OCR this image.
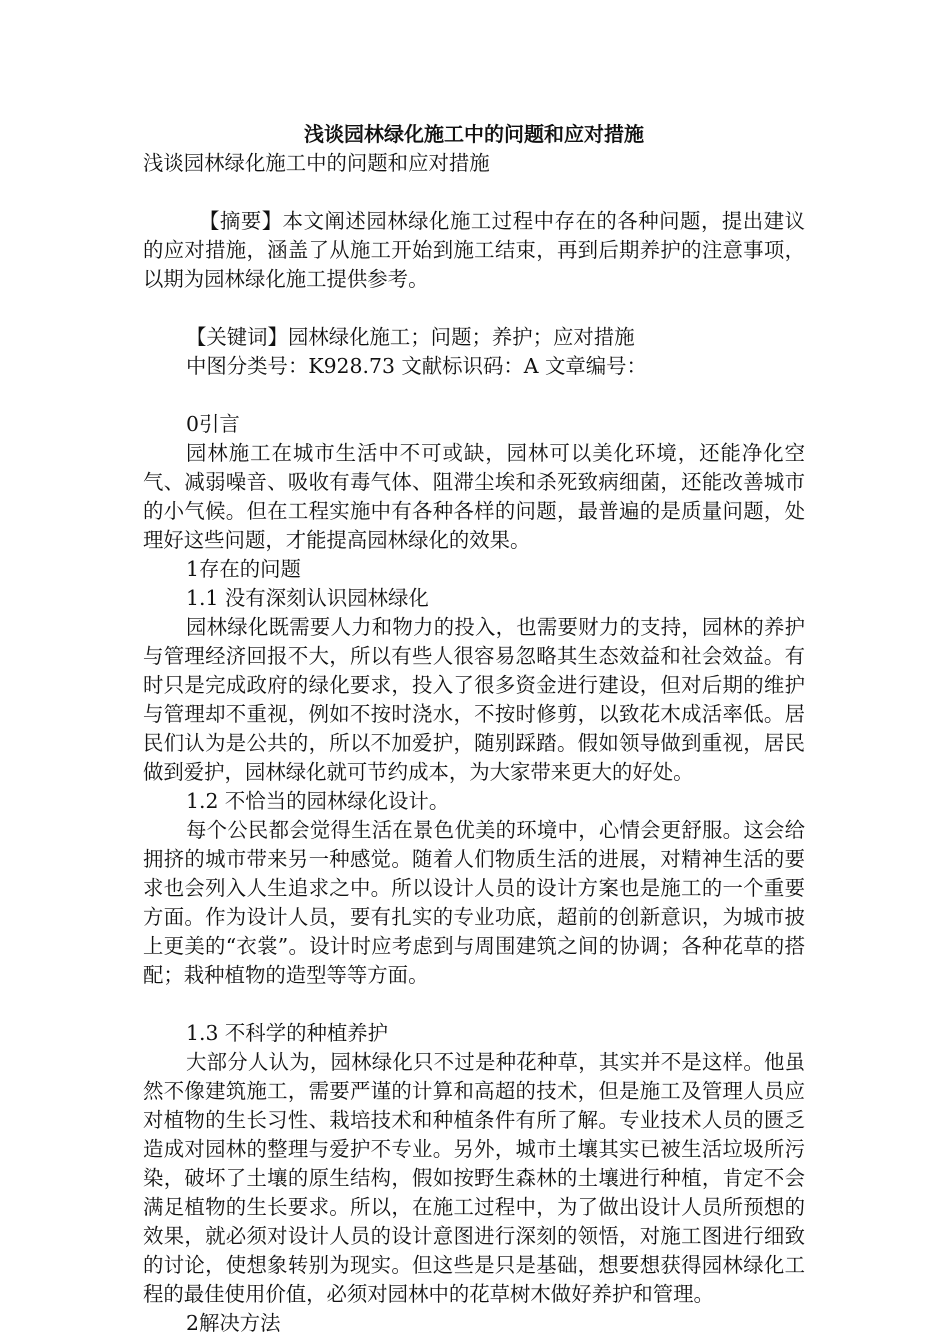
浅谈园林绿化施工中的问题和应对措施

浅谈园林绿化施工中的问题和应对措施

【摘要】本文阐述园林绿化施工过程中存在的各种问题，提出建议的应对措施，涵盖了从施工开始到施工结束，再到后期养护的注意事项，以期为园林绿化施工提供参考。

【关键词】园林绿化施工；问题；养护；应对措施

中图分类号：K928.73 文献标识码：A 文章编号：

0引言

园林施工在城市生活中不可或缺，园林可以美化环境，还能净化空气、减弱噪音、吸收有毒气体、阻滞尘埃和杀死致病细菌，还能改善城市的小气候。但在工程实施中有各种各样的问题，最普遍的是质量问题，处理好这些问题，才能提高园林绿化的效果。

1存在的问题

1.1 没有深刻认识园林绿化

园林绿化既需要人力和物力的投入，也需要财力的支持，园林的养护与管理经济回报不大，所以有些人很容易忽略其生态效益和社会效益。有时只是完成政府的绿化要求，投入了很多资金进行建设，但对后期的维护与管理却不重视，例如不按时浇水，不按时修剪，以致花木成活率低。居民们认为是公共的，所以不加爱护，随别踩踏。假如领导做到重视，居民做到爱护，园林绿化就可节约成本，为大家带来更大的好处。

1.2 不恰当的园林绿化设计。

每个公民都会觉得生活在景色优美的环境中，心情会更舒服。这会给拥挤的城市带来另一种感觉。随着人们物质生活的进展，对精神生活的要求也会列入人生追求之中。所以设计人员的设计方案也是施工的一个重要方面。作为设计人员，要有扎实的专业功底，超前的创新意识，为城市披上更美的“衣裳”。设计时应考虑到与周围建筑之间的协调；各种花草的搭配；栽种植物的造型等等方面。

1.3 不科学的种植养护

大部分人认为，园林绿化只不过是种花种草，其实并不是这样。他虽然不像建筑施工，需要严谨的计算和高超的技术，但是施工及管理人员应对植物的生长习性、栽培技术和种植条件有所了解。专业技术人员的匮乏造成对园林的整理与爱护不专业。另外，城市土壤其实已被生活垃圾所污染，破坏了土壤的原生结构，假如按野生森林的土壤进行种植，肯定不会满足植物的生长要求。所以，在施工过程中，为了做出设计人员所预想的效果，就必须对设计人员的设计意图进行深刻的领悟，对施工图进行细致的讨论，使想象转别为现实。但这些是只是基础，想要想获得园林绿化工程的最佳使用价值，必须对园林中的花草树木做好养护和管理。

2解决方法
